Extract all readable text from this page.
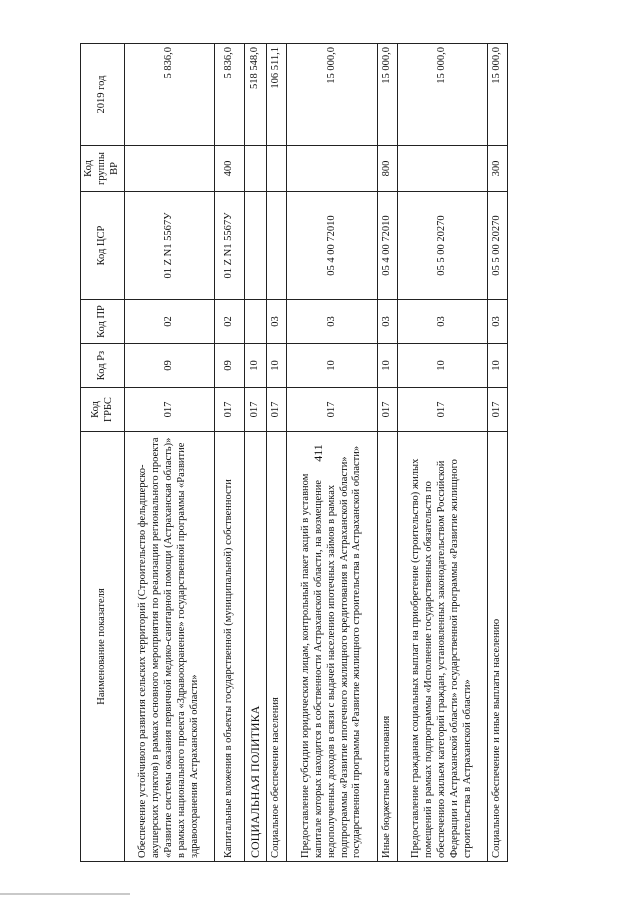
411
Наименование показателя	Код ГРБС	Код Рз	Код ПР	Код ЦСР	Код группы ВР	2019 год
Обеспечение устойчивого развития сельских территорий (Строительство фельдшерско-акушерских пунктов) в рамках основного мероприятия по реализации регионального проекта «Развитие системы оказания первичной медико-санитарной помощи (Астраханская область)» в рамках национального проекта «Здравоохранение» государственной программы «Развитие здравоохранения Астраханской области»	017	09	02	01 Z N1 5567У		5 836,0
Капитальные вложения в объекты государственной (муниципальной) собственности	017	09	02	01 Z N1 5567У	400	5 836,0
СОЦИАЛЬНАЯ ПОЛИТИКА	017	10				518 548,0
Социальное обеспечение населения	017	10	03			106 511,1
Предоставление субсидии юридическим лицам, контрольный пакет акций в уставном капитале которых находится в собственности Астраханской области, на возмещение недополученных доходов в связи с выдачей населению ипотечных займов в рамках подпрограммы «Развитие ипотечного жилищного кредитования в Астраханской области» государственной программы «Развитие жилищного строительства в Астраханской области»	017	10	03	05 4 00 72010		15 000,0
Иные бюджетные ассигнования	017	10	03	05 4 00 72010	800	15 000,0
Предоставление гражданам социальных выплат на приобретение (строительство) жилых помещений в рамках подпрограммы «Исполнение государственных обязательств по обеспечению жильем категорий граждан, установленных законодательством Российской Федерации и Астраханской области» государственной программы «Развитие жилищного строительства в Астраханской области»	017	10	03	05 5 00 20270		15 000,0
Социальное обеспечение и иные выплаты населению	017	10	03	05 5 00 20270	300	15 000,0
